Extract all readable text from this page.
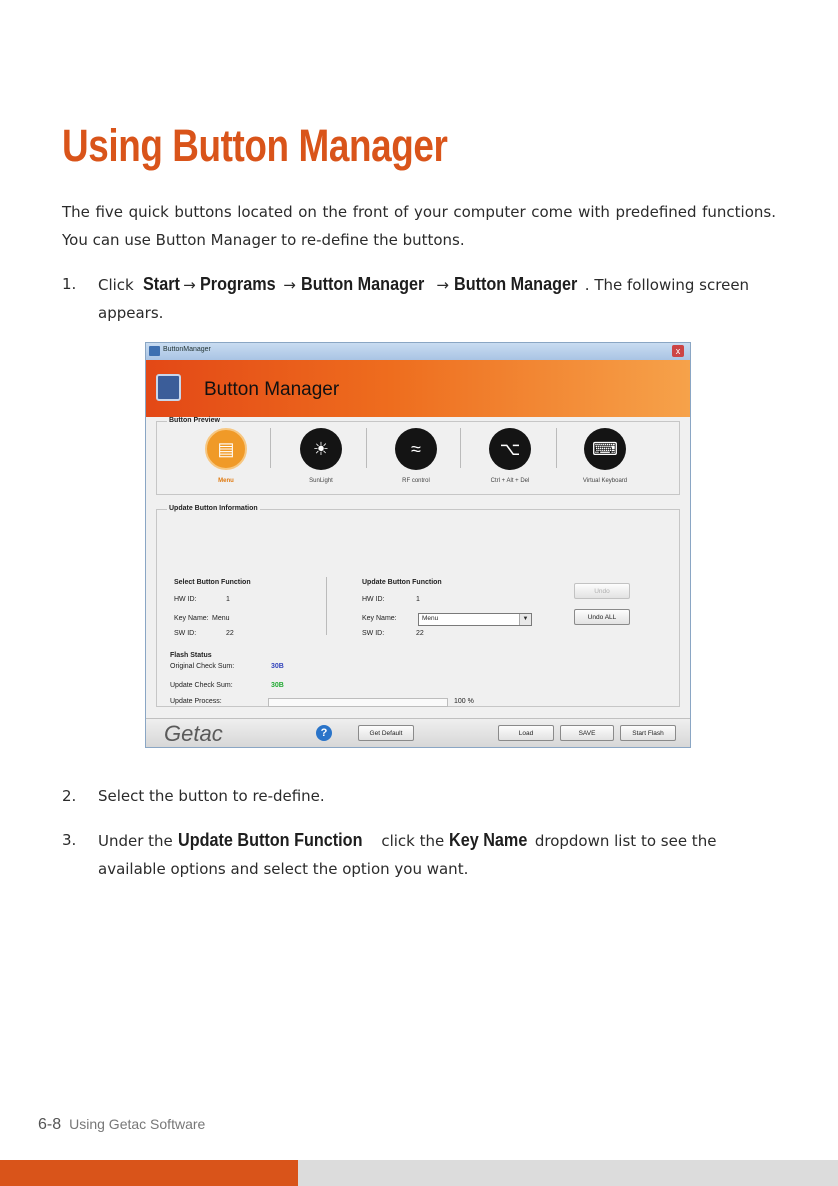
Using Button Manager
The five quick buttons located on the front of your computer come with predefined functions. You can use Button Manager to re-define the buttons.
1.	Click Start → Programs → Button Manager → Button Manager . The following screen appears.
ButtonManager	x
Button Manager
Button Preview
▤
Menu
☀
SunLight
≈
RF control
⌥
Ctrl + Alt + Del
⌨
Virtual Keyboard
Update Button Information
Select Button Function
HW ID:	1
Key Name: Menu
SW ID:	22
Update Button Function
HW ID:	1
Key Name:	Menu	▼
SW ID:	22
Undo
Undo ALL
Flash Status
Original Check Sum:	30B
Update Check Sum:	30B
Update Process:	100 %
Getac	?	Get Default	Load	SAVE	Start Flash
2.	Select the button to re-define.
3.	Under the Update Button Function click the Key Name dropdown list to see the available options and select the option you want.
6-8 Using Getac Software
